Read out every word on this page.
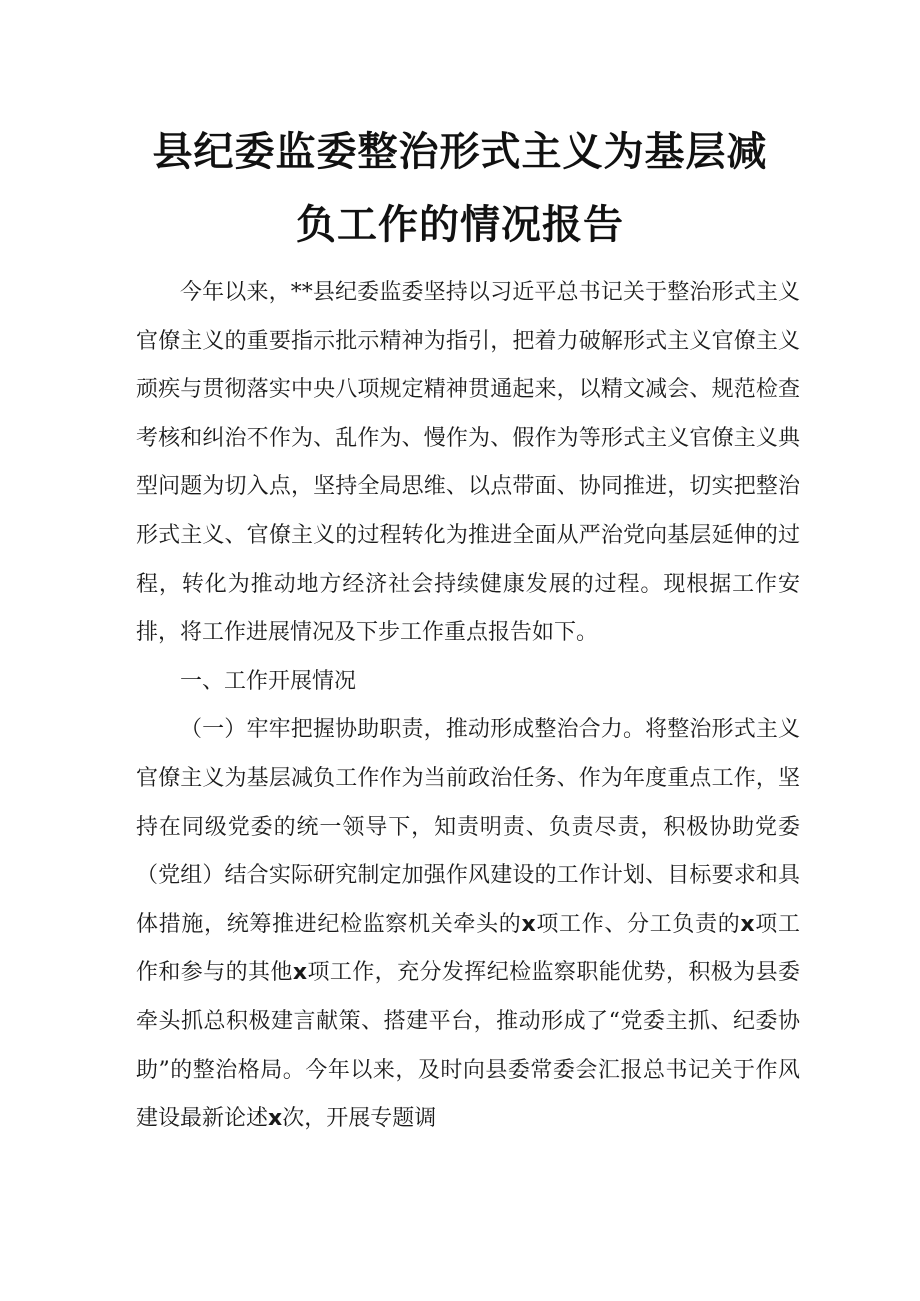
县纪委监委整治形式主义为基层减
负工作的情况报告

今年以来，**县纪委监委坚持以习近平总书记关于整治形式主义官僚主义的重要指示批示精神为指引，把着力破解形式主义官僚主义顽疾与贯彻落实中央八项规定精神贯通起来，以精文减会、规范检查考核和纠治不作为、乱作为、慢作为、假作为等形式主义官僚主义典型问题为切入点，坚持全局思维、以点带面、协同推进，切实把整治形式主义、官僚主义的过程转化为推进全面从严治党向基层延伸的过程，转化为推动地方经济社会持续健康发展的过程。现根据工作安排，将工作进展情况及下步工作重点报告如下。

一、工作开展情况

（一）牢牢把握协助职责，推动形成整治合力。将整治形式主义官僚主义为基层减负工作作为当前政治任务、作为年度重点工作，坚持在同级党委的统一领导下，知责明责、负责尽责，积极协助党委（党组）结合实际研究制定加强作风建设的工作计划、目标要求和具体措施，统筹推进纪检监察机关牵头的x项工作、分工负责的x项工作和参与的其他x项工作，充分发挥纪检监察职能优势，积极为县委牵头抓总积极建言献策、搭建平台，推动形成了“党委主抓、纪委协助”的整治格局。今年以来，及时向县委常委会汇报总书记关于作风建设最新论述x次，开展专题调
